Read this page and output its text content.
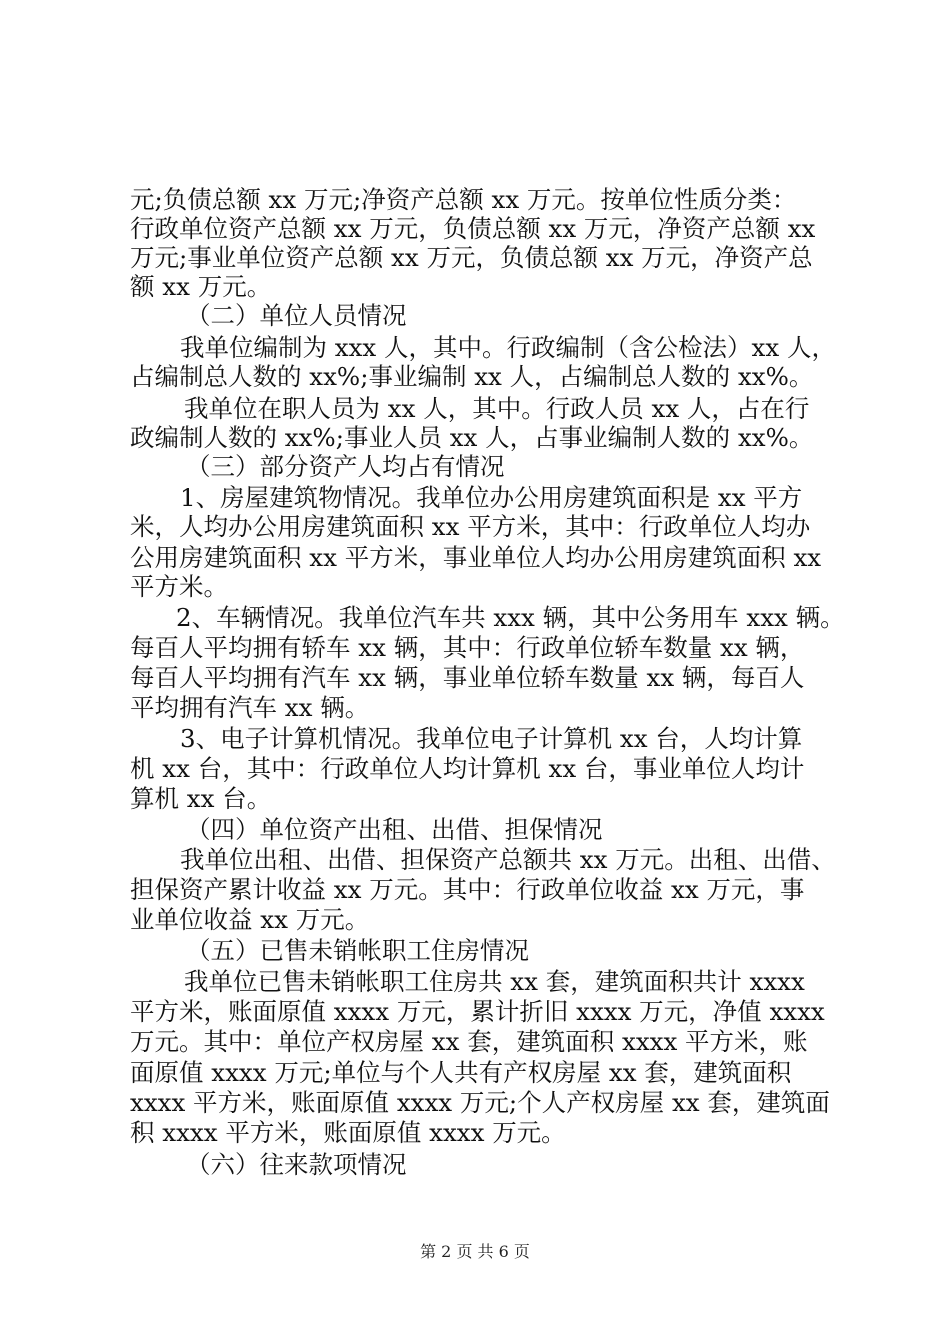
元;负债总额 xx 万元;净资产总额 xx 万元。按单位性质分类：
行政单位资产总额 xx 万元，负债总额 xx 万元，净资产总额 xx
万元;事业单位资产总额 xx 万元，负债总额 xx 万元，净资产总
额 xx 万元。
（二）单位人员情况
我单位编制为 xxx 人，其中。行政编制（含公检法）xx 人，
占编制总人数的 xx%;事业编制 xx 人，占编制总人数的 xx%。
我单位在职人员为 xx 人，其中。行政人员 xx 人，占在行
政编制人数的 xx%;事业人员 xx 人，占事业编制人数的 xx%。
（三）部分资产人均占有情况
1、房屋建筑物情况。我单位办公用房建筑面积是 xx 平方
米，人均办公用房建筑面积 xx 平方米，其中：行政单位人均办
公用房建筑面积 xx 平方米，事业单位人均办公用房建筑面积 xx
平方米。
2、车辆情况。我单位汽车共 xxx 辆，其中公务用车 xxx 辆。
每百人平均拥有轿车 xx 辆，其中：行政单位轿车数量 xx 辆，
每百人平均拥有汽车 xx 辆，事业单位轿车数量 xx 辆，每百人
平均拥有汽车 xx 辆。
3、电子计算机情况。我单位电子计算机 xx 台，人均计算
机 xx 台，其中：行政单位人均计算机 xx 台，事业单位人均计
算机 xx 台。
（四）单位资产出租、出借、担保情况
我单位出租、出借、担保资产总额共 xx 万元。出租、出借、
担保资产累计收益 xx 万元。其中：行政单位收益 xx 万元，事
业单位收益 xx 万元。
（五）已售未销帐职工住房情况
我单位已售未销帐职工住房共 xx 套，建筑面积共计 xxxx
平方米，账面原值 xxxx 万元，累计折旧 xxxx 万元，净值 xxxx
万元。其中：单位产权房屋 xx 套，建筑面积 xxxx 平方米，账
面原值 xxxx 万元;单位与个人共有产权房屋 xx 套，建筑面积
xxxx 平方米，账面原值 xxxx 万元;个人产权房屋 xx 套，建筑面
积 xxxx 平方米，账面原值 xxxx 万元。
（六）往来款项情况
第 2 页 共 6 页
